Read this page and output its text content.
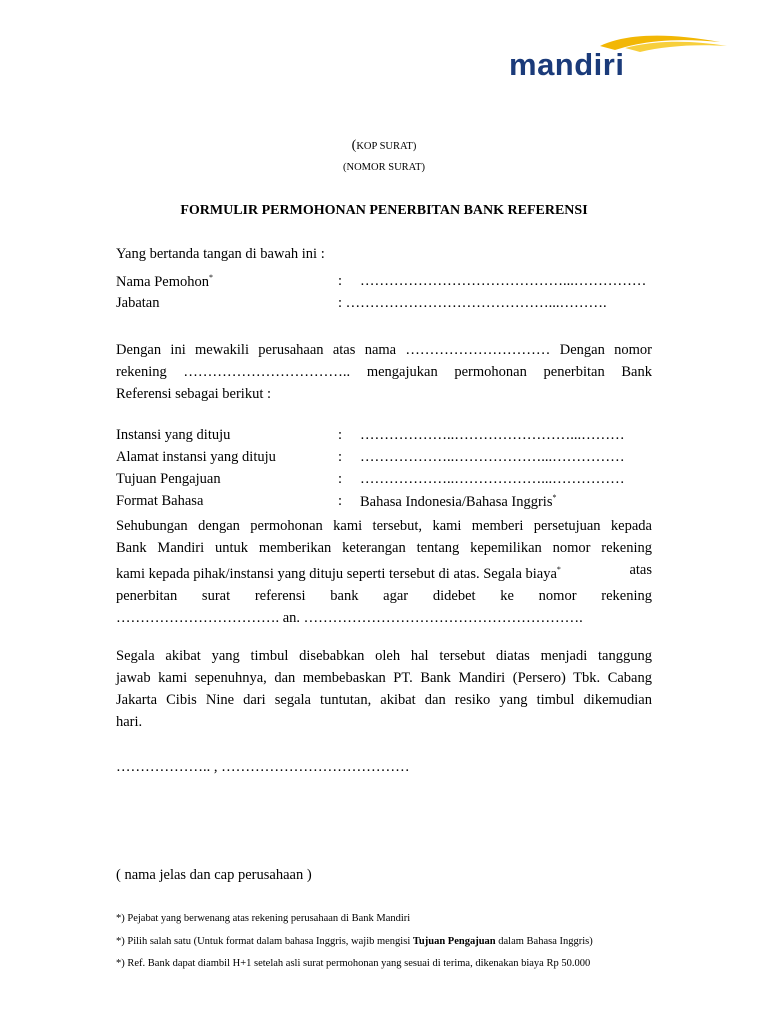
mandiri
(KOP SURAT)
(NOMOR SURAT)
FORMULIR PERMOHONAN PENERBITAN BANK REFERENSI
Yang bertanda tangan di bawah ini :
Nama Pemohon*	: ……………………………………...……………
Jabatan	: ……………………………………...……….
Dengan ini mewakili perusahaan atas nama ………………………… Dengan nomor
rekening …………………………….. mengajukan permohonan penerbitan Bank
Referensi sebagai berikut :
Instansi yang dituju	: ………………..……………………...………
Alamat instansi yang dituju	: ………………..………………...……………
Tujuan Pengajuan	: ………………..………………...……………
Format Bahasa	: Bahasa Indonesia/Bahasa Inggris*
Sehubungan dengan permohonan kami tersebut, kami memberi persetujuan kepada
Bank Mandiri untuk memberikan keterangan tentang kepemilikan nomor rekening
kami kepada pihak/instansi yang dituju seperti tersebut di atas. Segala biaya*	atas
penerbitan surat referensi bank agar didebet ke nomor rekening
……………………………. an. ………………………………………………….
Segala akibat yang timbul disebabkan oleh hal tersebut diatas menjadi tanggung
jawab kami sepenuhnya, dan membebaskan PT. Bank Mandiri (Persero) Tbk. Cabang
Jakarta Cibis Nine dari segala tuntutan, akibat dan resiko yang timbul dikemudian
hari.
……………….. , …………………………………
( nama jelas dan cap perusahaan )
*) Pejabat yang berwenang atas rekening perusahaan di Bank Mandiri
*) Pilih salah satu (Untuk format dalam bahasa Inggris, wajib mengisi Tujuan Pengajuan dalam Bahasa Inggris)
*) Ref. Bank dapat diambil H+1 setelah asli surat permohonan yang sesuai di terima, dikenakan biaya Rp 50.000
